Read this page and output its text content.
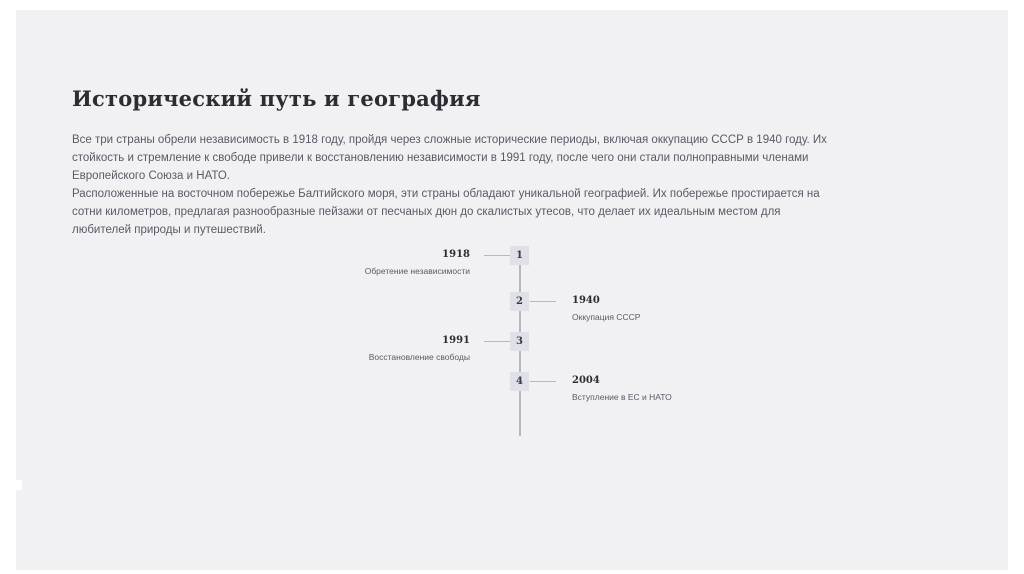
Исторический путь и география

Все три страны обрели независимость в 1918 году, пройдя через сложные исторические периоды, включая оккупацию СССР в 1940 году. Их стойкость и стремление к свободе привели к восстановлению независимости в 1991 году, после чего они стали полноправными членами Европейского Союза и НАТО.

Расположенные на восточном побережье Балтийского моря, эти страны обладают уникальной географией. Их побережье простирается на сотни километров, предлагая разнообразные пейзажи от песчаных дюн до скалистых утесов, что делает их идеальным местом для любителей природы и путешествий.

1
1918
Обретение независимости
2	1940
Оккупация СССР
3
1991
Восстановление свободы
4	2004
Вступление в ЕС и НАТО
